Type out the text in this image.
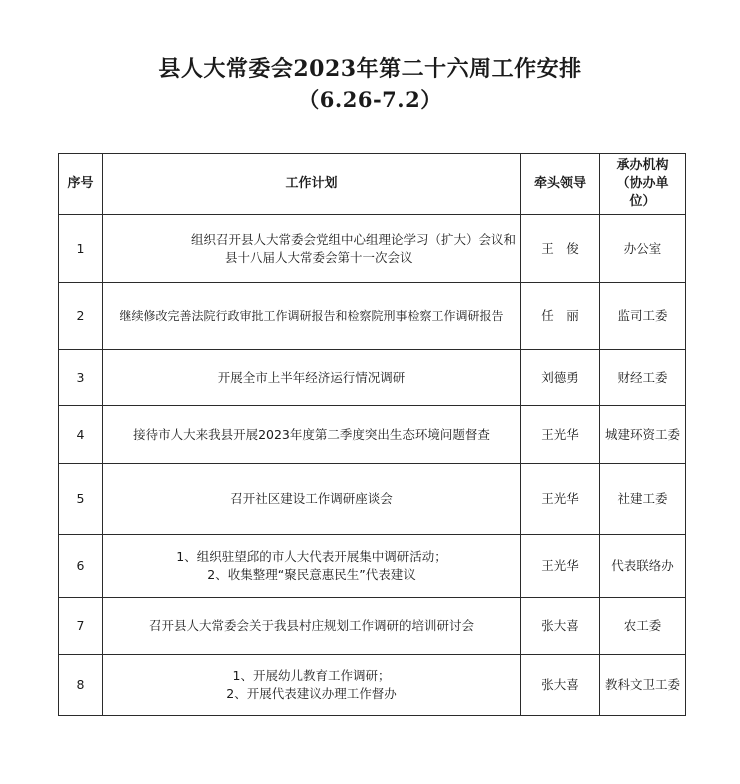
县人大常委会2023年第二十六周工作安排
（6.26-7.2）
序号	工作计划	牵头领导	承办机构（协办单位）
1	组织召开县人大常委会党组中心组理论学习（扩大）会议和
县十八届人大常委会第十一次会议	王　俊	办公室
2	继续修改完善法院行政审批工作调研报告和检察院刑事检察工作调研报告	任　丽	监司工委
3	开展全市上半年经济运行情况调研	刘德勇	财经工委
4	接待市人大来我县开展2023年度第二季度突出生态环境问题督查	王光华	城建环资工委
5	召开社区建设工作调研座谈会	王光华	社建工委
6	1、组织驻望邱的市人大代表开展集中调研活动；
2、收集整理“聚民意惠民生”代表建议	王光华	代表联络办
7	召开县人大常委会关于我县村庄规划工作调研的培训研讨会	张大喜	农工委
8	1、开展幼儿教育工作调研；
2、开展代表建议办理工作督办	张大喜	教科文卫工委
